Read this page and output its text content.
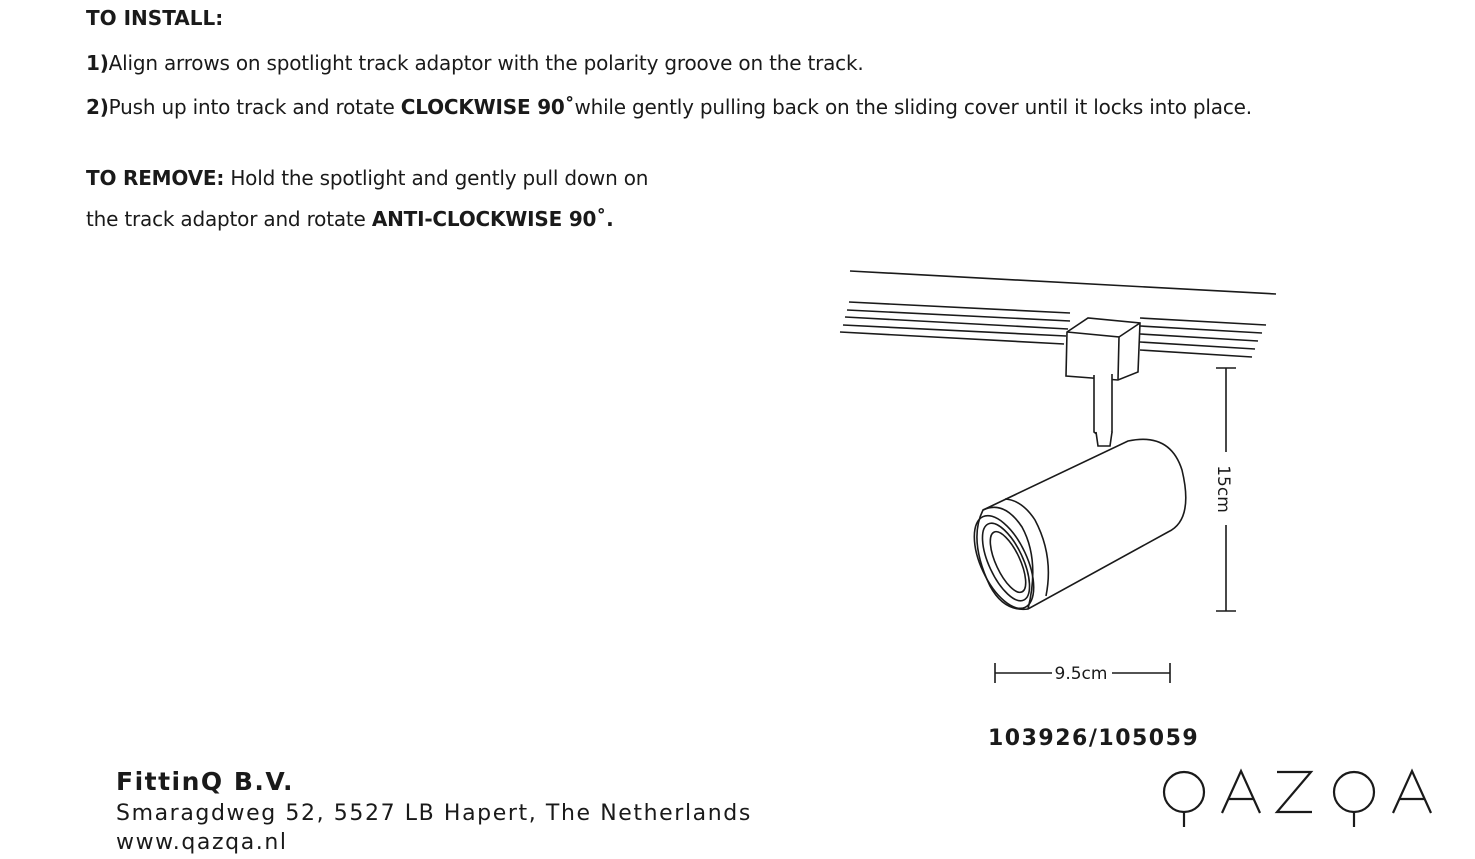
TO INSTALL:
1)Align arrows on spotlight track adaptor with the polarity groove on the track.
2)Push up into track and rotate CLOCKWISE 90˚while gently pulling back on the sliding cover until it locks into place.
TO REMOVE: Hold the spotlight and gently pull down on
the track adaptor and rotate ANTI-CLOCKWISE 90˚.
15cm
9.5cm
103926/105059
FittinQ B.V.
Smaragdweg 52, 5527 LB Hapert, The Netherlands
www.qazqa.nl
